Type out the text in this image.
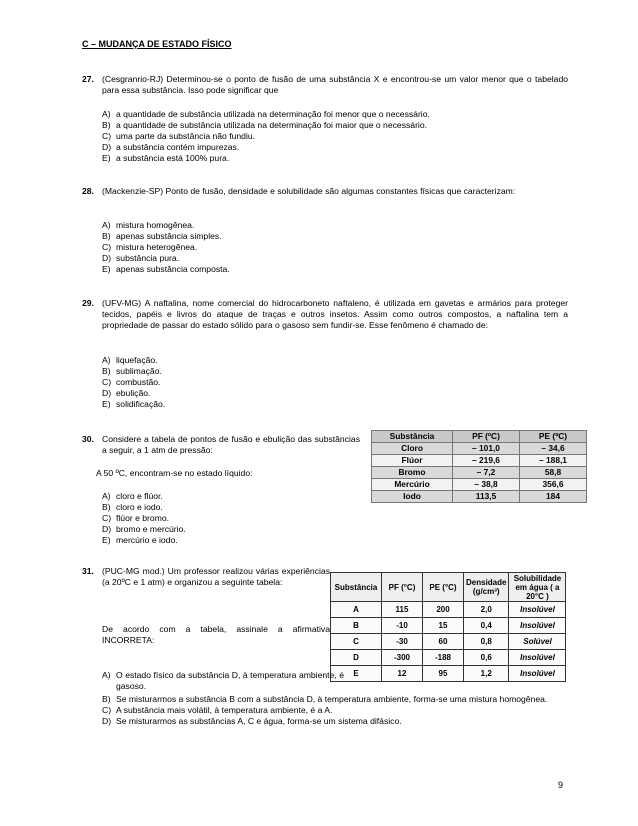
C – MUDANÇA DE ESTADO FÍSICO
27. (Cesgranrio-RJ) Determinou-se o ponto de fusão de uma substância X e encontrou-se um valor menor que o tabelado para essa substância. Isso pode significar que
A) a quantidade de substância utilizada na determinação foi menor que o necessário.
B) a quantidade de substância utilizada na determinação foi maior que o necessário.
C) uma parte da substância não fundiu.
D) a substância contém impurezas.
E) a substância está 100% pura.
28. (Mackenzie-SP) Ponto de fusão, densidade e solubilidade são algumas constantes físicas que caracterizam:
A) mistura homogênea.
B) apenas substância simples.
C) mistura heterogênea.
D) substância pura.
E) apenas substância composta.
29. (UFV-MG) A naftalina, nome comercial do hidrocarboneto naftaleno, é utilizada em gavetas e armários para proteger tecidos, papéis e livros do ataque de traças e outros insetos. Assim como outros compostos, a naftalina tem a propriedade de passar do estado sólido para o gasoso sem fundir-se. Esse fenômeno é chamado de:
A) liquefação.
B) sublimação.
C) combustão.
D) ebulição.
E) solidificação.
30. Considere a tabela de pontos de fusão e ebulição das substâncias a seguir, a 1 atm de pressão:
A 50 ºC, encontram-se no estado líquido:
A) cloro e flúor.
B) cloro e iodo.
C) flúor e bromo.
D) bromo e mercúrio.
E) mercúrio e iodo.
Substância	PF (ºC)	PE (ºC)
Cloro	– 101,0	– 34,6
Flúor	– 219,6	– 188,1
Bromo	– 7,2	58,8
Mercúrio	– 38,8	356,6
Iodo	113,5	184
31. (PUC-MG mod.) Um professor realizou várias experiências (a 20ºC e 1 atm) e organizou a seguinte tabela:
De acordo com a tabela, assinale a afirmativa INCORRETA:
Substância	PF (°C)	PE (°C)	Densidade (g/cm³)	Solubilidade em água ( a 20°C )
A	115	200	2,0	Insolúvel
B	-10	15	0,4	Insolúvel
C	-30	60	0,8	Solúvel
D	-300	-188	0,6	Insolúvel
E	12	95	1,2	Insolúvel
A) O estado físico da substância D, à temperatura ambiente, é gasoso.
B) Se misturarmos a substância B com a substância D, à temperatura ambiente, forma-se uma mistura homogênea.
C) A substância mais volátil, à temperatura ambiente, é a A.
D) Se misturarmos as substâncias A, C e água, forma-se um sistema difásico.
9
